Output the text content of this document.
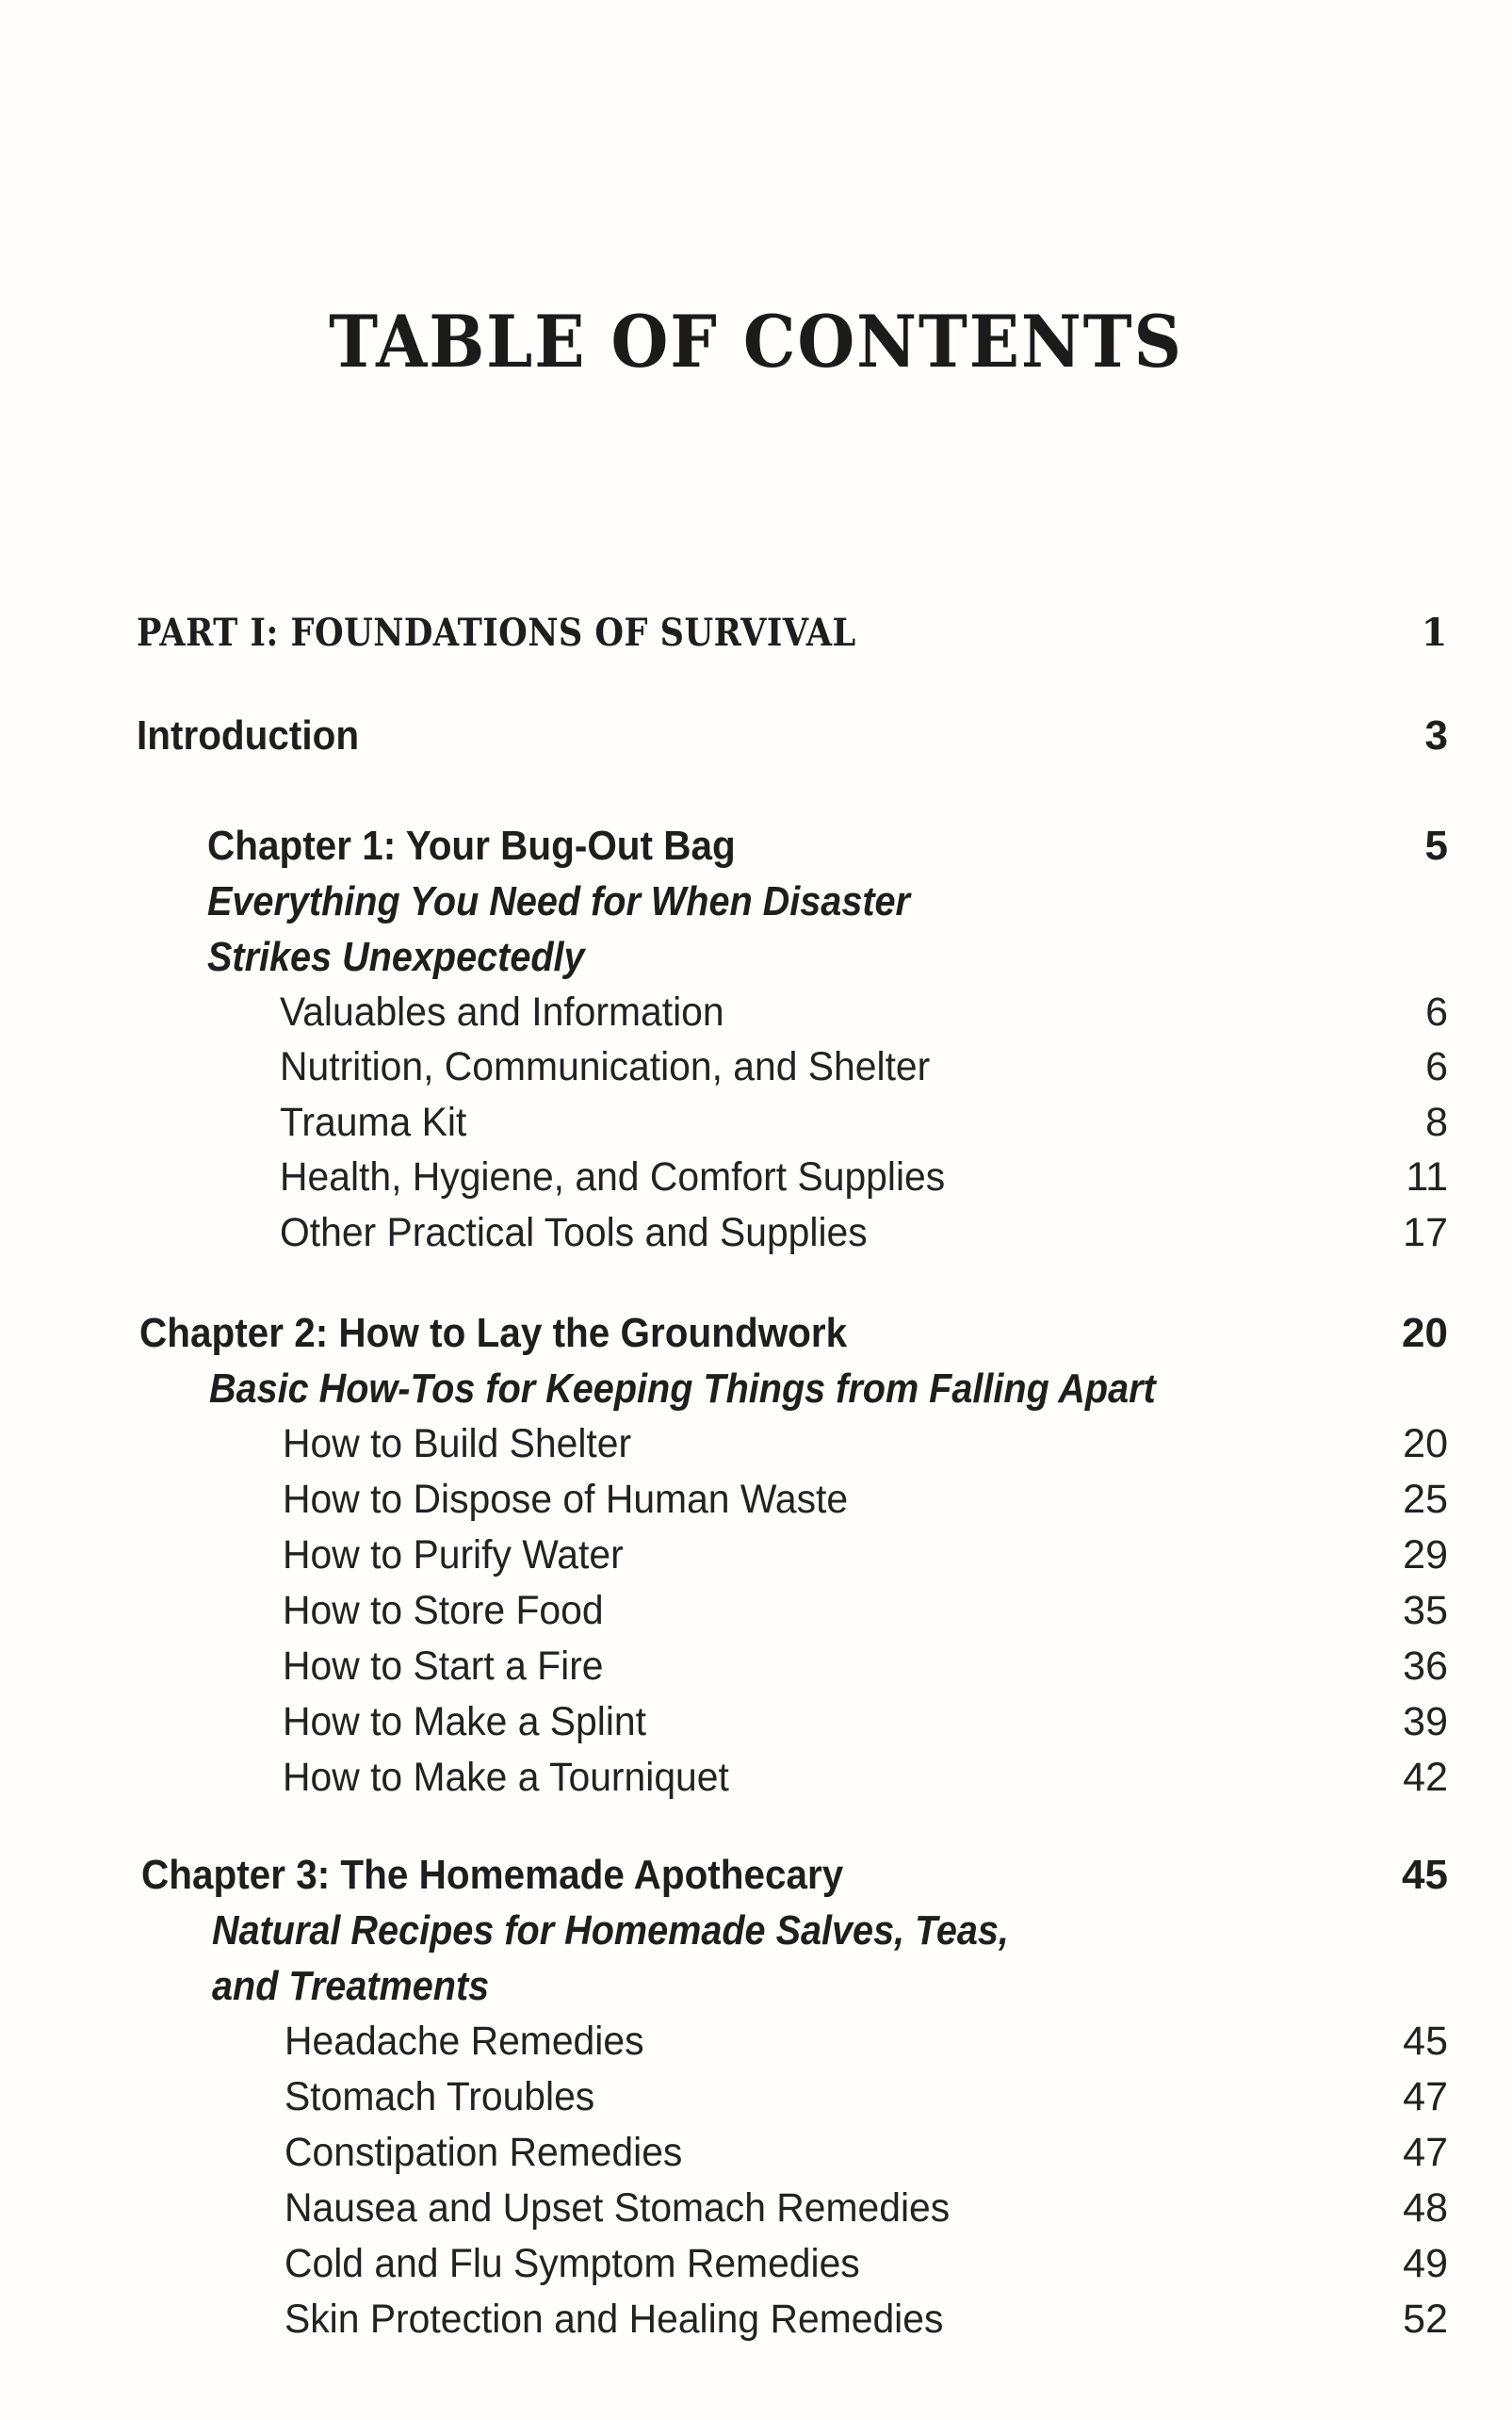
TABLE OF CONTENTS
PART I: FOUNDATIONS OF SURVIVAL	1
Introduction	3
Chapter 1: Your Bug-Out Bag	5
Everything You Need for When Disaster
Strikes Unexpectedly
Valuables and Information	6
Nutrition, Communication, and Shelter	6
Trauma Kit	8
Health, Hygiene, and Comfort Supplies	11
Other Practical Tools and Supplies	17
Chapter 2: How to Lay the Groundwork	20
Basic How-Tos for Keeping Things from Falling Apart
How to Build Shelter	20
How to Dispose of Human Waste	25
How to Purify Water	29
How to Store Food	35
How to Start a Fire	36
How to Make a Splint	39
How to Make a Tourniquet	42
Chapter 3: The Homemade Apothecary	45
Natural Recipes for Homemade Salves, Teas,
and Treatments
Headache Remedies	45
Stomach Troubles	47
Constipation Remedies	47
Nausea and Upset Stomach Remedies	48
Cold and Flu Symptom Remedies	49
Skin Protection and Healing Remedies	52
